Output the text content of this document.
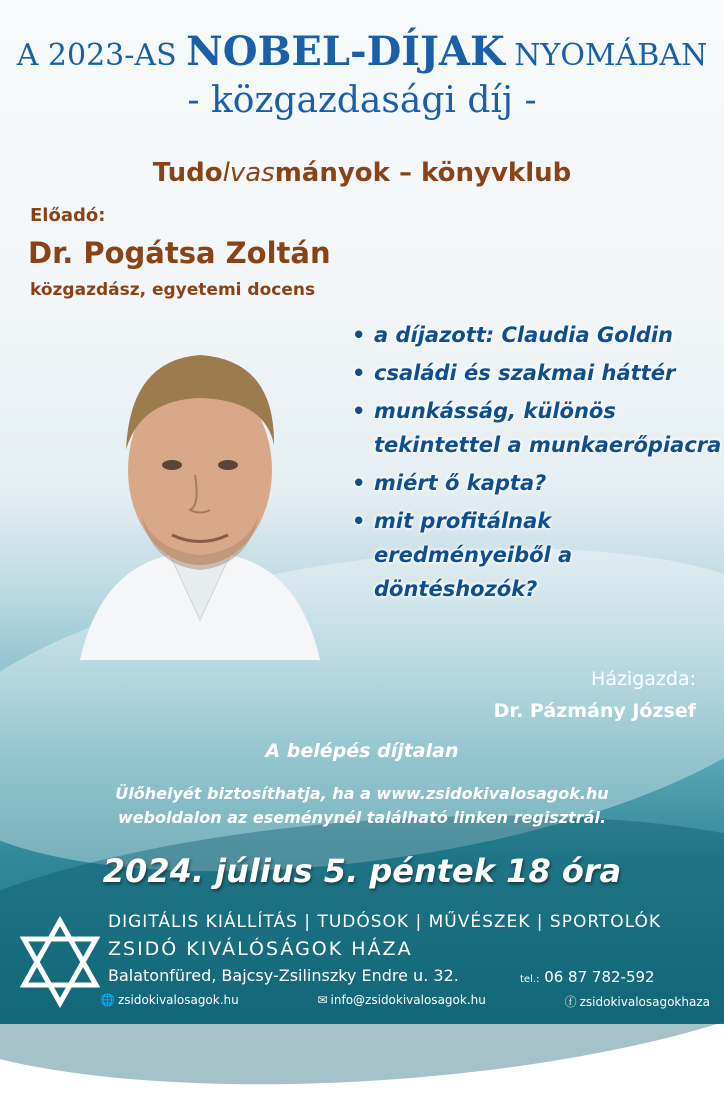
A 2023-AS NOBEL-DÍJAK NYOMÁBAN
- közgazdasági díj -
Tudolvasmányok – könyvklub
Előadó:
Dr. Pogátsa Zoltán
közgazdász, egyetemi docens
• a díjazott: Claudia Goldin
• családi és szakmai háttér
• munkásság, különös tekintettel a munkaerőpiacra
• miért ő kapta?
• mit profitálnak eredményeiből a döntéshozók?
Házigazda:
Dr. Pázmány József
A belépés díjtalan
Ülőhelyét biztosíthatja, ha a www.zsidokivalosagok.hu
weboldalon az eseménynél található linken regisztrál.
2024. július 5. péntek 18 óra
DIGITÁLIS KIÁLLÍTÁS | TUDÓSOK | MŰVÉSZEK | SPORTOLÓK
ZSIDÓ KIVÁLÓSÁGOK HÁZA
Balatonfüred, Bajcsy-Zsilinszky Endre u. 32.	tel.: 06 87 782-592
🌐 zsidokivalosagok.hu	✉ info@zsidokivalosagok.hu	ⓕ zsidokivalosagokhaza
